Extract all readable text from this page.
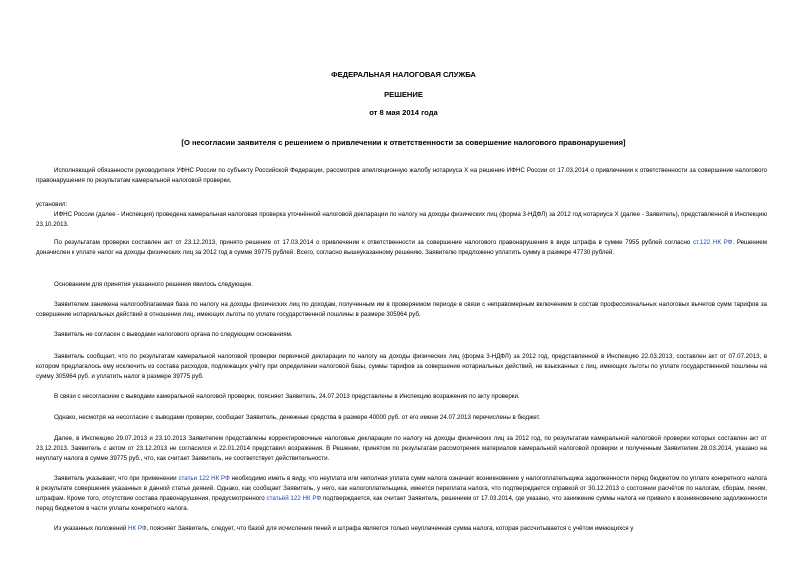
ФЕДЕРАЛЬНАЯ НАЛОГОВАЯ СЛУЖБА
РЕШЕНИЕ
от 8 мая 2014 года
[О несогласии заявителя с решением о привлечении к ответственности за совершение налогового правонарушения]
Исполняющий обязанности руководителя УФНС России по субъекту Российской Федерации, рассмотрев апелляционную жалобу нотариуса Х на решение ИФНС России от 17.03.2014 о привлечении к ответственности за совершение налогового правонарушения по результатам камеральной налоговой проверки,
установил:
ИФНС России (далее - Инспекция) проведена камеральная налоговая проверка уточнённой налоговой декларации по налогу на доходы физических лиц (форма 3-НДФЛ) за 2012 год нотариуса Х (далее - Заявитель), представленной в Инспекцию 23.10.2013.
По результатам проверки составлен акт от 23.12.2013, принято решение от 17.03.2014 о привлечении к ответственности за совершение налогового правонарушения в виде штрафа в сумме 7955 рублей согласно ст.122 НК РФ. Решением доначислен к уплате налог на доходы физических лиц за 2012 год в сумме 39775 рублей. Всего, согласно вышеуказанному решению, Заявителю предложено уплатить сумму в размере 47730 рублей.
Основанием для принятия указанного решения явилось следующее.
Заявителем занижена налогооблагаемая база по налогу на доходы физических лиц по доходам, полученным им в проверяемом периоде в связи с неправомерным включением в состав профессиональных налоговых вычетов сумм тарифов за совершение нотариальных действий в отношении лиц, имеющих льготы по уплате государственной пошлины в размере 305964 руб.
Заявитель не согласен с выводами налогового органа по следующим основаниям.
Заявитель сообщает, что по результатам камеральной налоговой проверки первичной декларации по налогу на доходы физических лиц (форма 3-НДФЛ) за 2012 год, представленной в Инспекцию 22.03.2013, составлен акт от 07.07.2013, в котором предлагалось ему исключить из состава расходов, подлежащих учёту при определении налоговой базы, суммы тарифов за совершение нотариальных действий, не взысканных с лиц, имеющих льготы по уплате государственной пошлины на сумму 305964 руб. и уплатить налог в размере 39775 руб.
В связи с несогласием с выводами камеральной налоговой проверки, поясняет Заявитель, 24.07.2013 представлены в Инспекцию возражения по акту проверки.
Однако, несмотря на несогласие с выводами проверки, сообщает Заявитель, денежные средства в размере 40000 руб. от его имени 24.07.2013 перечислены в бюджет.
Далее, в Инспекцию 29.07.2013 и 23.10.2013 Заявителем представлены корректировочные налоговые декларации по налогу на доходы физических лиц за 2012 год, по результатам камеральной налоговой проверки которых составлен акт от 23.12.2013. Заявитель с актом от 23.12.2013 не согласился и 22.01.2014 представил возражения. В Решении, принятом по результатам рассмотрения материалов камеральной налоговой проверки и полученным Заявителем 28.03.2014, указано на неуплату налога в сумме 39775 руб., что, как считает Заявитель, не соответствует действительности.
Заявитель указывает, что при применении статьи 122 НК РФ необходимо иметь в виду, что неуплата или неполная уплата сумм налога означает возникновение у налогоплательщика задолженности перед бюджетом по уплате конкретного налога в результате совершения указанных в данной статье деяний. Однако, как сообщает Заявитель, у него, как налогоплательщика, имеется переплата налога, что подтверждается справкой от 30.12.2013 о состоянии расчётов по налогам, сборам, пеням, штрафам. Кроме того, отсутствие состава правонарушения, предусмотренного статьёй 122 НК РФ подтверждается, как считает Заявитель, решением от 17.03.2014, где указано, что занижение суммы налога не привело к возникновению задолженности перед бюджетом в части уплаты конкретного налога.
Из указанных положений НК РФ, поясняет Заявитель, следует, что базой для исчисления пеней и штрафа является только неуплаченная сумма налога, которая рассчитывается с учётом имеющихся у
